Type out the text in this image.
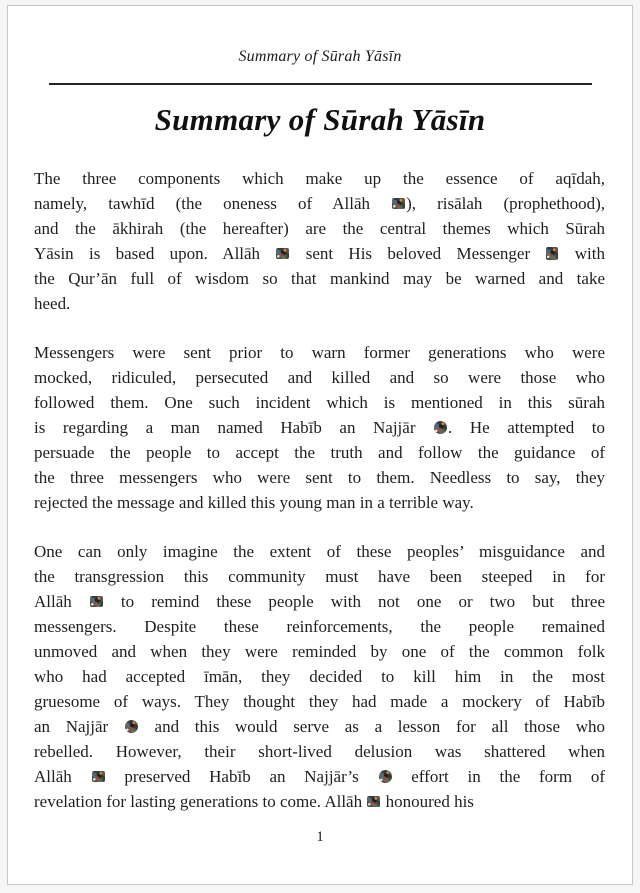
Summary of Sūrah Yāsīn
Summary of Sūrah Yāsīn
The three components which make up the essence of aqīdah,
namely, tawhīd (the oneness of Allāh ), risālah (prophethood),
and the ākhirah (the hereafter) are the central themes which Sūrah
Yāsin is based upon. Allāh  sent His beloved Messenger  with
the Qur’ān full of wisdom so that mankind may be warned and take
heed.
Messengers were sent prior to warn former generations who were
mocked, ridiculed, persecuted and killed and so were those who
followed them. One such incident which is mentioned in this sūrah
is regarding a man named Habīb an Najjār . He attempted to
persuade the people to accept the truth and follow the guidance of
the three messengers who were sent to them. Needless to say, they
rejected the message and killed this young man in a terrible way.
One can only imagine the extent of these peoples’ misguidance and
the transgression this community must have been steeped in for
Allāh  to remind these people with not one or two but three
messengers. Despite these reinforcements, the people remained
unmoved and when they were reminded by one of the common folk
who had accepted īmān, they decided to kill him in the most
gruesome of ways. They thought they had made a mockery of Habīb
an Najjār  and this would serve as a lesson for all those who
rebelled. However, their short-lived delusion was shattered when
Allāh  preserved Habīb an Najjār’s  effort in the form of
revelation for lasting generations to come. Allāh  honoured his
1
